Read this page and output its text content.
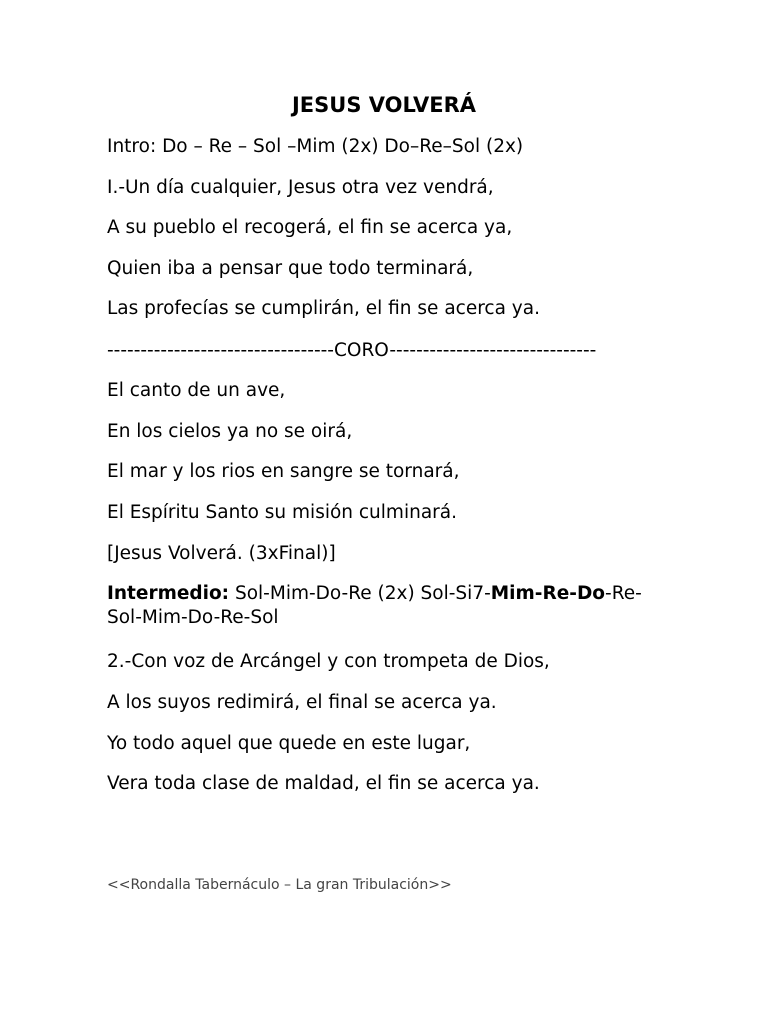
JESUS VOLVERÁ
Intro: Do – Re – Sol –Mim (2x) Do–Re–Sol (2x)
I.-Un día cualquier, Jesus otra vez vendrá,
A su pueblo el recogerá, el fin se acerca ya,
Quien iba a pensar que todo terminará,
Las profecías se cumplirán, el fin se acerca ya.
----------------------------------CORO-------------------------------
El canto de un ave,
En los cielos ya no se oirá,
El mar y los rios en sangre se tornará,
El Espíritu Santo su misión culminará.
[Jesus Volverá. (3xFinal)]
Intermedio: Sol-Mim-Do-Re (2x) Sol-Si7-Mim-Re-Do-Re-Sol-Mim-Do-Re-Sol
2.-Con voz de Arcángel y con trompeta de Dios,
A los suyos redimirá, el final se acerca ya.
Yo todo aquel que quede en este lugar,
Vera toda clase de maldad, el fin se acerca ya.
<<Rondalla Tabernáculo – La gran Tribulación>>
